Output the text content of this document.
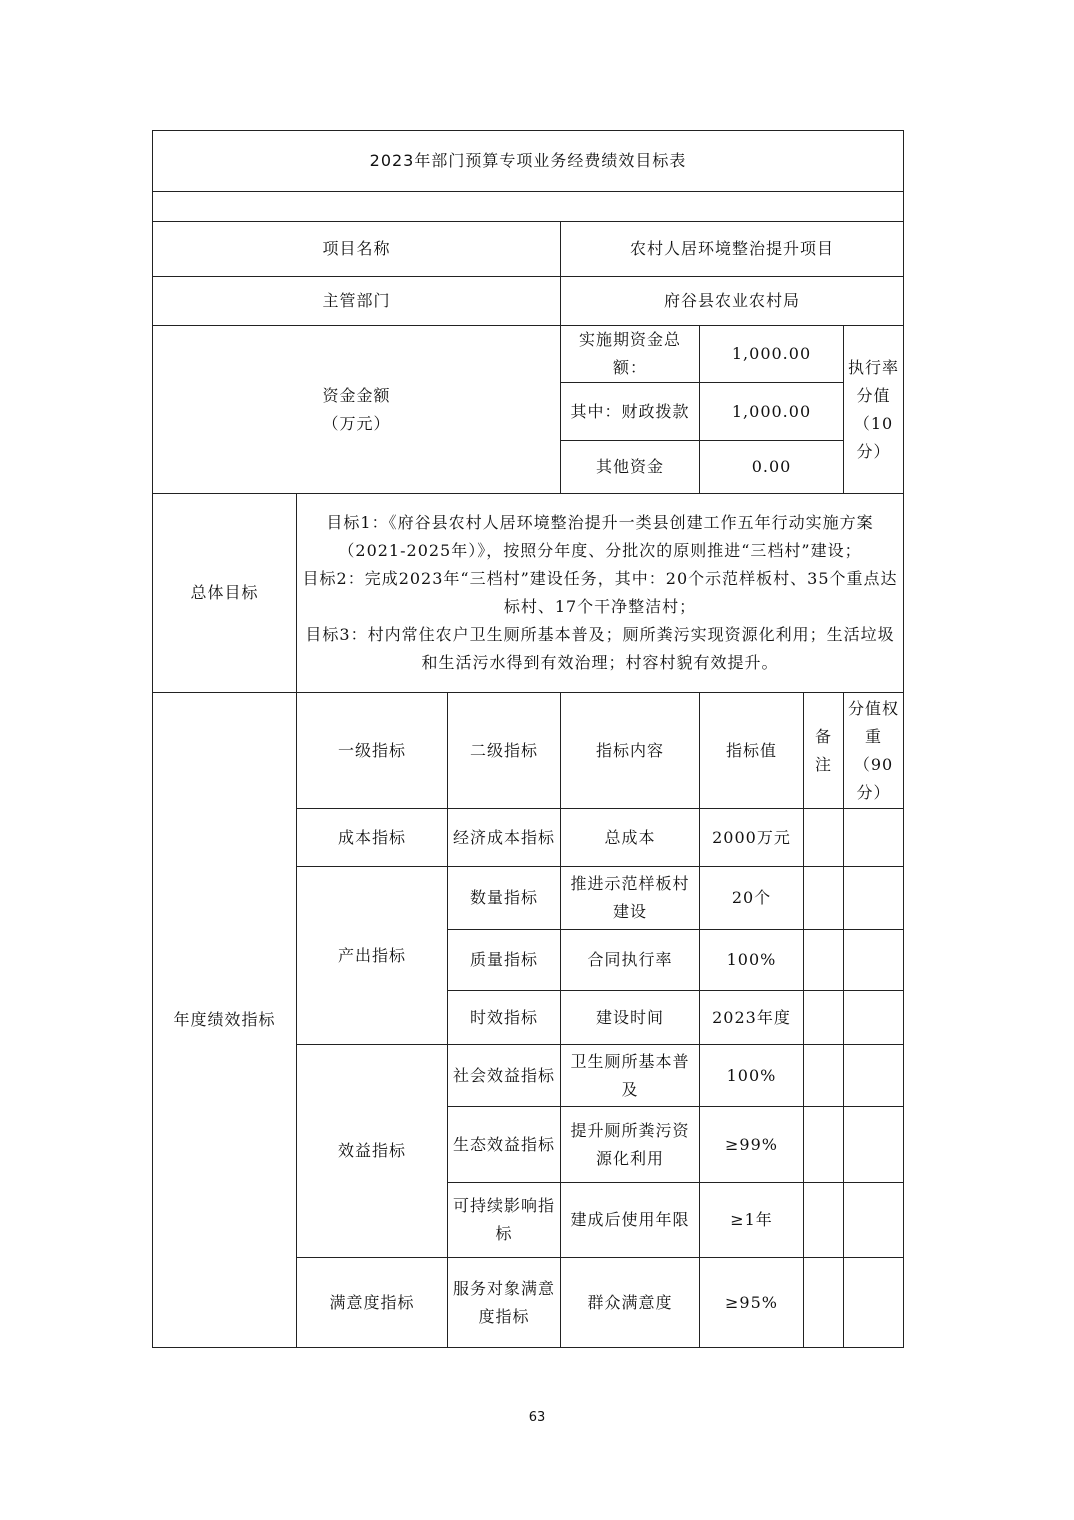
2023年部门预算专项业务经费绩效目标表						

项目名称			农村人居环境整治提升项目			
主管部门			府谷县农业农村局			

资金金额
（万元）			实施期资金总额：	1,000.00		执行率分值（10分）
			其中：财政拨款	1,000.00		
			其他资金	0.00		
总体目标	目标1：《府谷县农村人居环境整治提升一类县创建工作五年行动实施方案（2021-2025年）》，按照分年度、分批次的原则推进“三档村”建设；

目标2：完成2023年“三档村”建设任务，其中：20个示范样板村、35个重点达标村、17个干净整洁村；

目标3：村内常住农户卫生厕所基本普及；厕所粪污实现资源化利用；生活垃圾和生活污水得到有效治理；村容村貌有效提升。					

年度绩效指标	一级指标	二级指标	指标内容	指标值	备注	分值权重（90分）
	成本指标	经济成本指标	总成本	2000万元		
	产出指标	数量指标	推进示范样板村建设	20个		
		质量指标	合同执行率	100%		
		时效指标	建设时间	2023年度		
	效益指标	社会效益指标	卫生厕所基本普及	100%		
		生态效益指标	提升厕所粪污资源化利用	≥99%		
		可持续影响指标	建成后使用年限	≥1年		
	满意度指标	服务对象满意度指标	群众满意度	≥95%		
63
